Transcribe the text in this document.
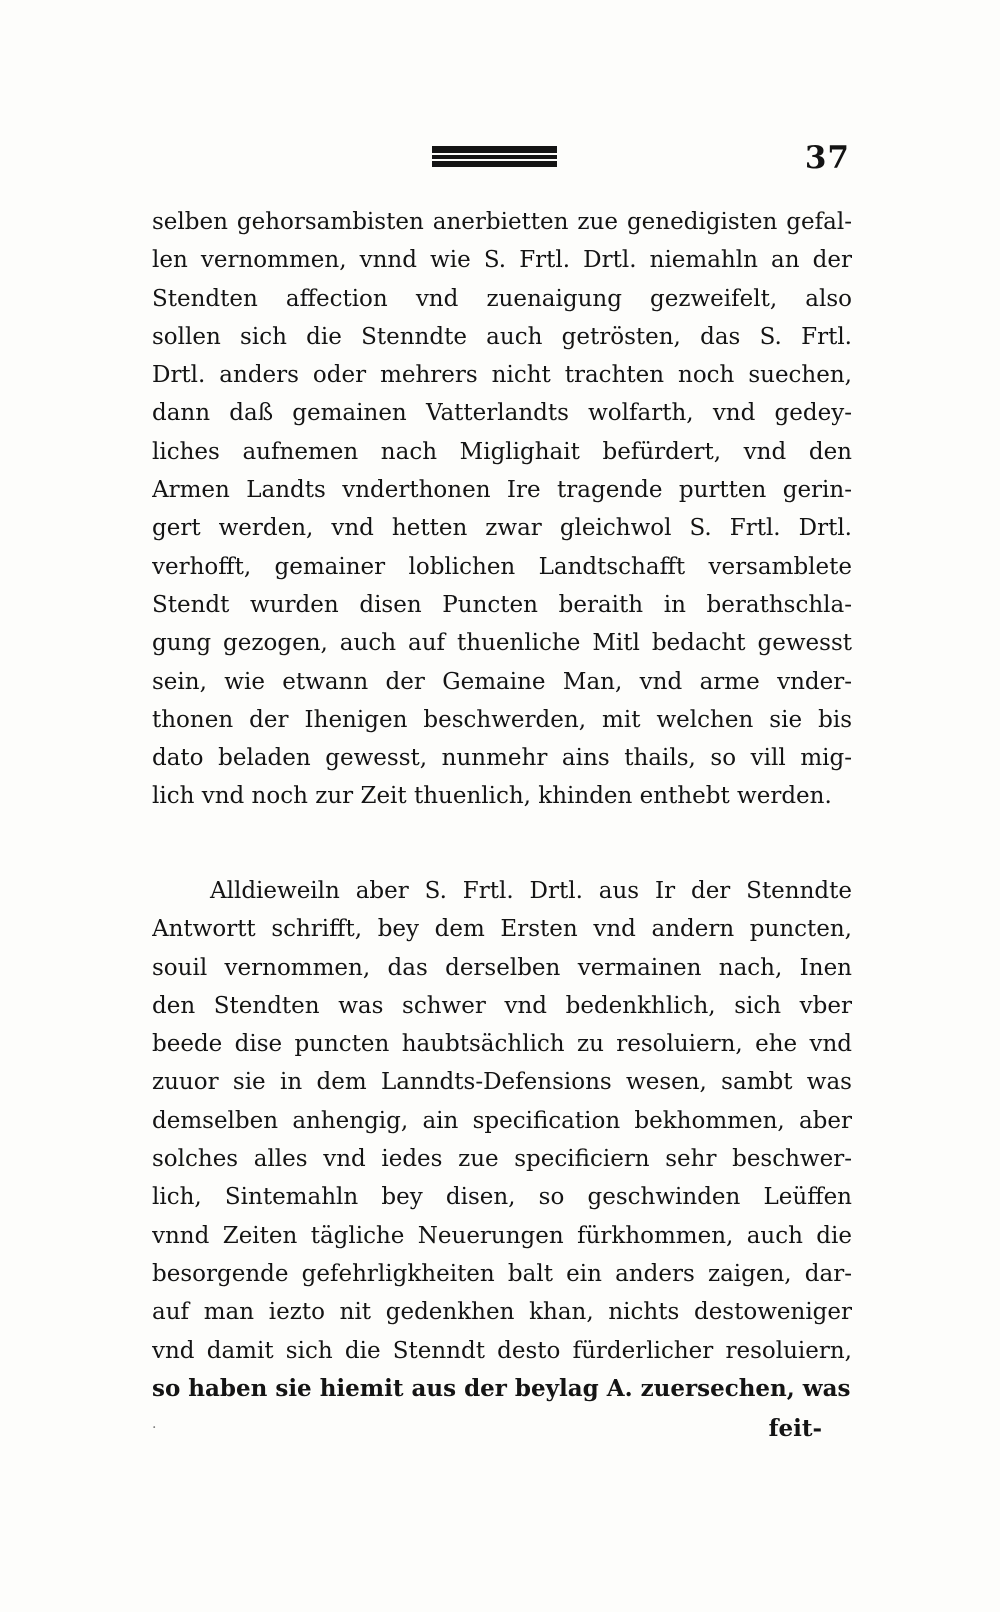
37
selben gehorsambisten anerbietten zue genedigisten gefal-
len vernommen, vnnd wie S. Frtl. Drtl. niemahln an der
Stendten affection vnd zuenaigung gezweifelt, also
sollen sich die Stenndte auch getrösten, das S. Frtl.
Drtl. anders oder mehrers nicht trachten noch suechen,
dann daß gemainen Vatterlandts wolfarth, vnd gedey-
liches aufnemen nach Miglighait befürdert, vnd den
Armen Landts vnderthonen Ire tragende purtten gerin-
gert werden, vnd hetten zwar gleichwol S. Frtl. Drtl.
verhofft, gemainer loblichen Landtschafft versamblete
Stendt wurden disen Puncten beraith in berathschla-
gung gezogen, auch auf thuenliche Mitl bedacht gewesst
sein, wie etwann der Gemaine Man, vnd arme vnder-
thonen der Ihenigen beschwerden, mit welchen sie bis
dato beladen gewesst, nunmehr ains thails, so vill mig-
lich vnd noch zur Zeit thuenlich, khinden enthebt werden.
Alldieweiln aber S. Frtl. Drtl. aus Ir der Stenndte
Antwortt schrifft, bey dem Ersten vnd andern puncten,
souil vernommen, das derselben vermainen nach, Inen
den Stendten was schwer vnd bedenkhlich, sich vber
beede dise puncten haubtsächlich zu resoluiern, ehe vnd
zuuor sie in dem Lanndts-Defensions wesen, sambt was
demselben anhengig, ain specification bekhommen, aber
solches alles vnd iedes zue specificiern sehr beschwer-
lich, Sintemahln bey disen, so geschwinden Leüffen
vnnd Zeiten tägliche Neuerungen fürkhommen, auch die
besorgende gefehrligkheiten balt ein anders zaigen, dar-
auf man iezto nit gedenkhen khan, nichts destoweniger
vnd damit sich die Stenndt desto fürderlicher resoluiern,
so haben sie hiemit aus der beylag A. zuersechen, was
·	feit-
